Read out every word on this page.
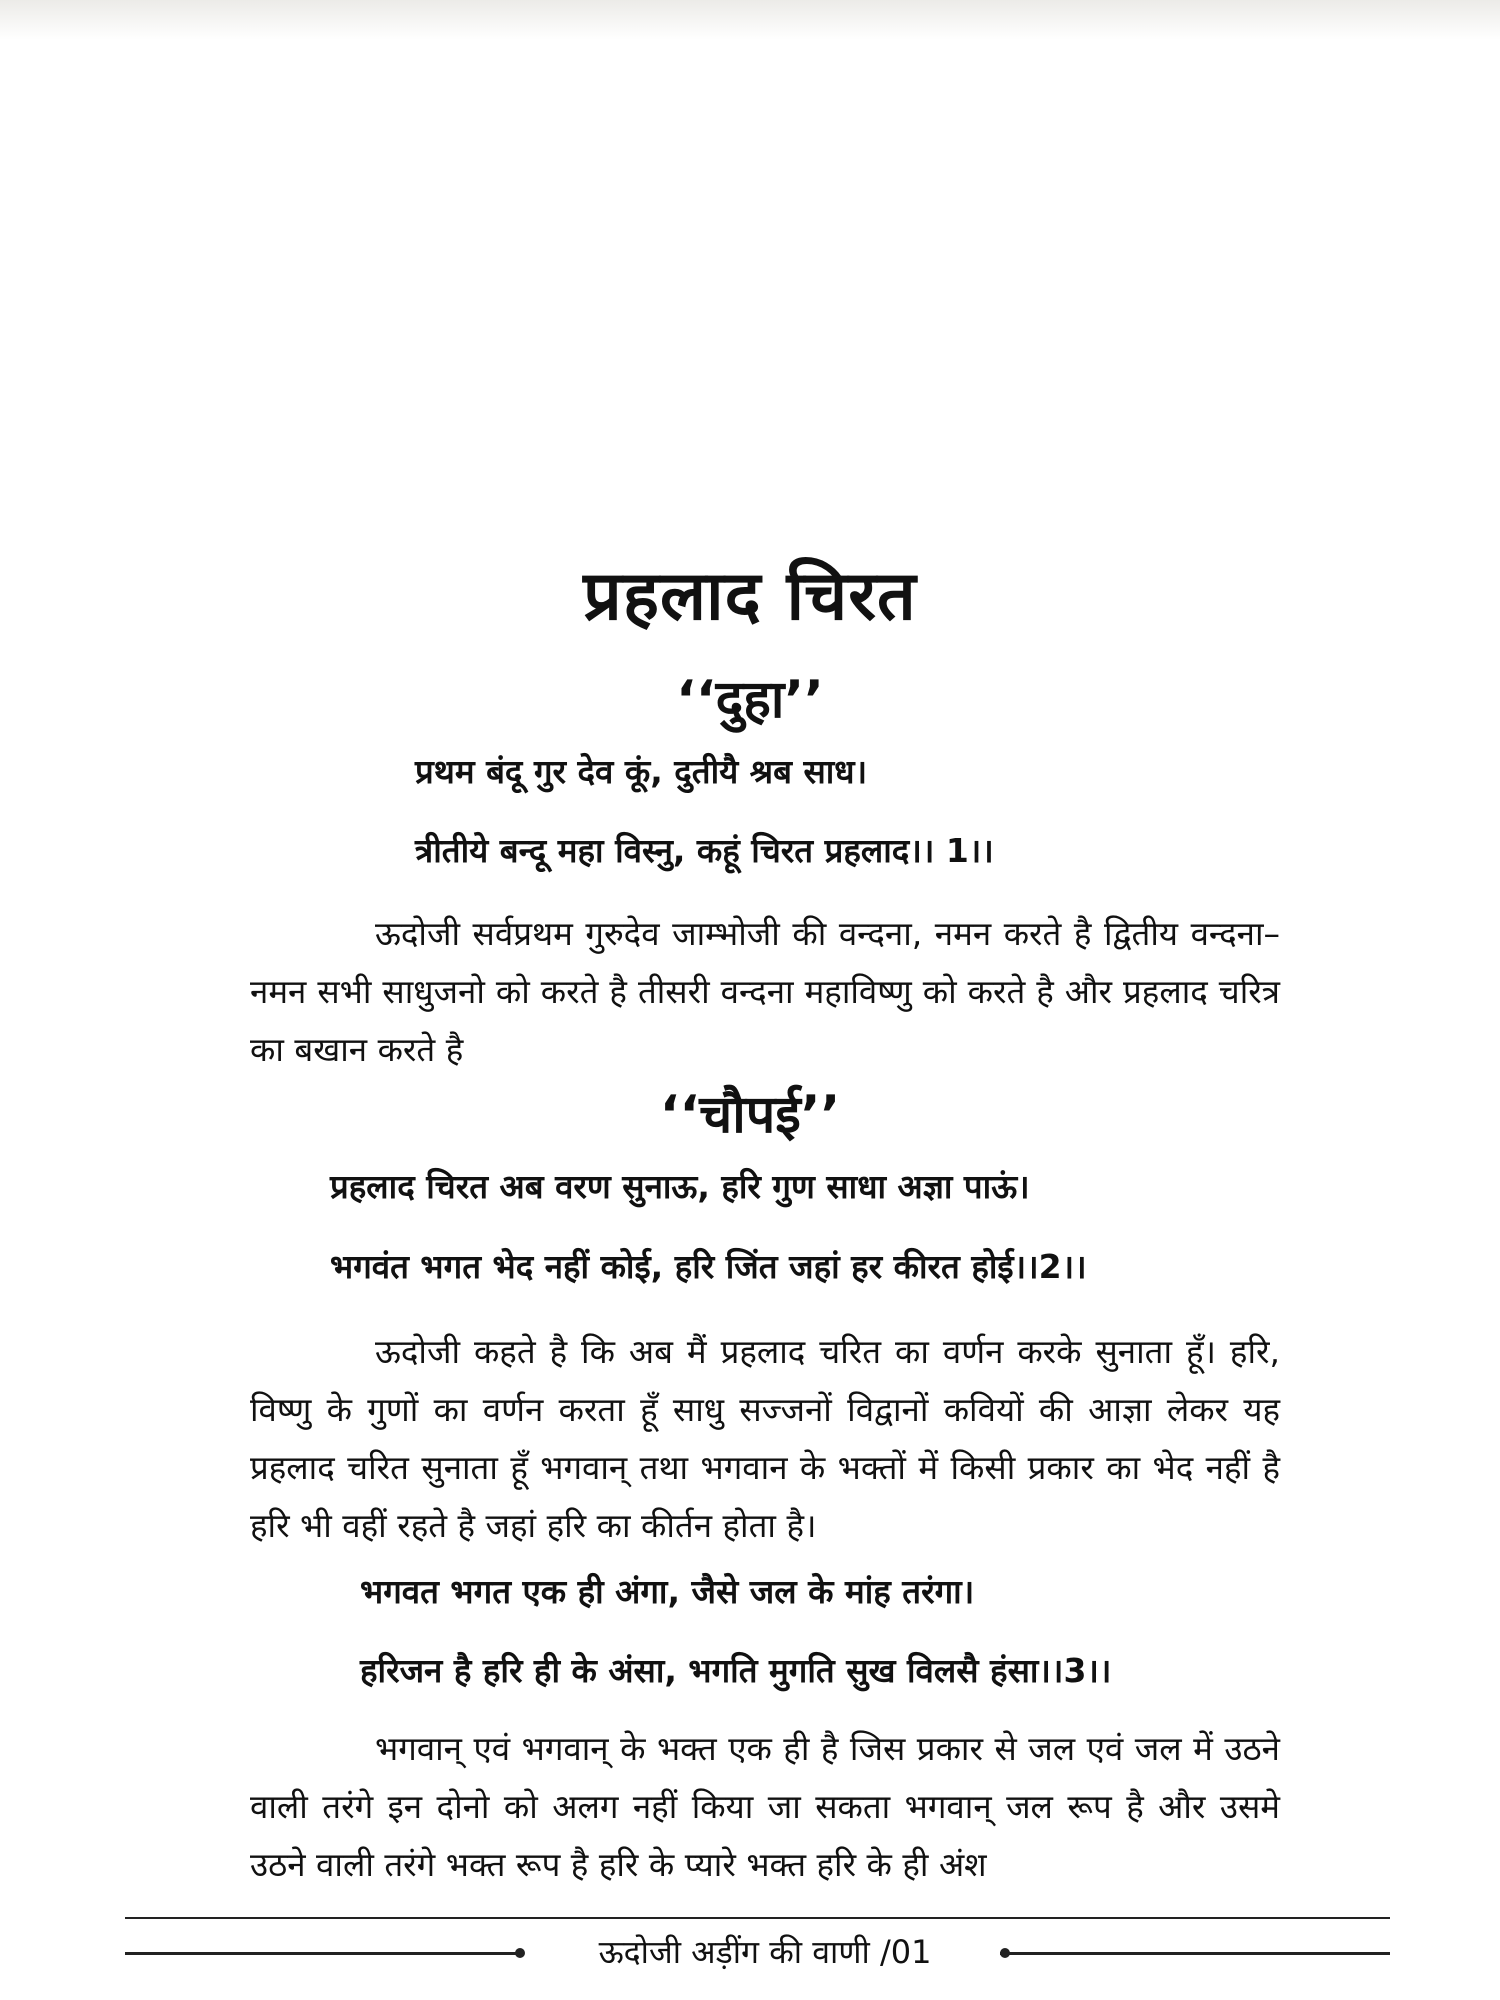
प्रहलाद चिरत
‘‘दुहा’’
प्रथम बंदू गुर देव कूं, दुतीयै श्रब साध।
त्रीतीये बन्दू महा विस्नु, कहूं चिरत प्रहलाद।। 1।।

ऊदोजी सर्वप्रथम गुरुदेव जाम्भोजी की वन्दना, नमन करते है द्वितीय वन्दना–नमन सभी साधुजनो को करते है तीसरी वन्दना महाविष्णु को करते है और प्रहलाद चरित्र का बखान करते है

‘‘चौपई’’
प्रहलाद चिरत अब वरण सुनाऊ, हरि गुण साधा अज्ञा पाऊं।
भगवंत भगत भेद नहीं कोई, हरि जिंत जहां हर कीरत होई।।2।।

ऊदोजी कहते है कि अब मैं प्रहलाद चरित का वर्णन करके सुनाता हूँ। हरि, विष्णु के गुणों का वर्णन करता हूँ साधु सज्जनों विद्वानों कवियों की आज्ञा लेकर यह प्रहलाद चरित सुनाता हूँ भगवान् तथा भगवान के भक्तों में किसी प्रकार का भेद नहीं है हरि भी वहीं रहते है जहां हरि का कीर्तन होता है।

भगवत भगत एक ही अंगा, जैसे जल के मांह तरंगा।
हरिजन है हरि ही के अंसा, भगति मुगति सुख विलसै हंसा।।3।।

भगवान् एवं भगवान् के भक्त एक ही है जिस प्रकार से जल एवं जल में उठने वाली तरंगे इन दोनो को अलग नहीं किया जा सकता भगवान् जल रूप है और उसमे उठने वाली तरंगे भक्त रूप है हरि के प्यारे भक्त हरि के ही अंश

ऊदोजी अड़ींग की वाणी /01
